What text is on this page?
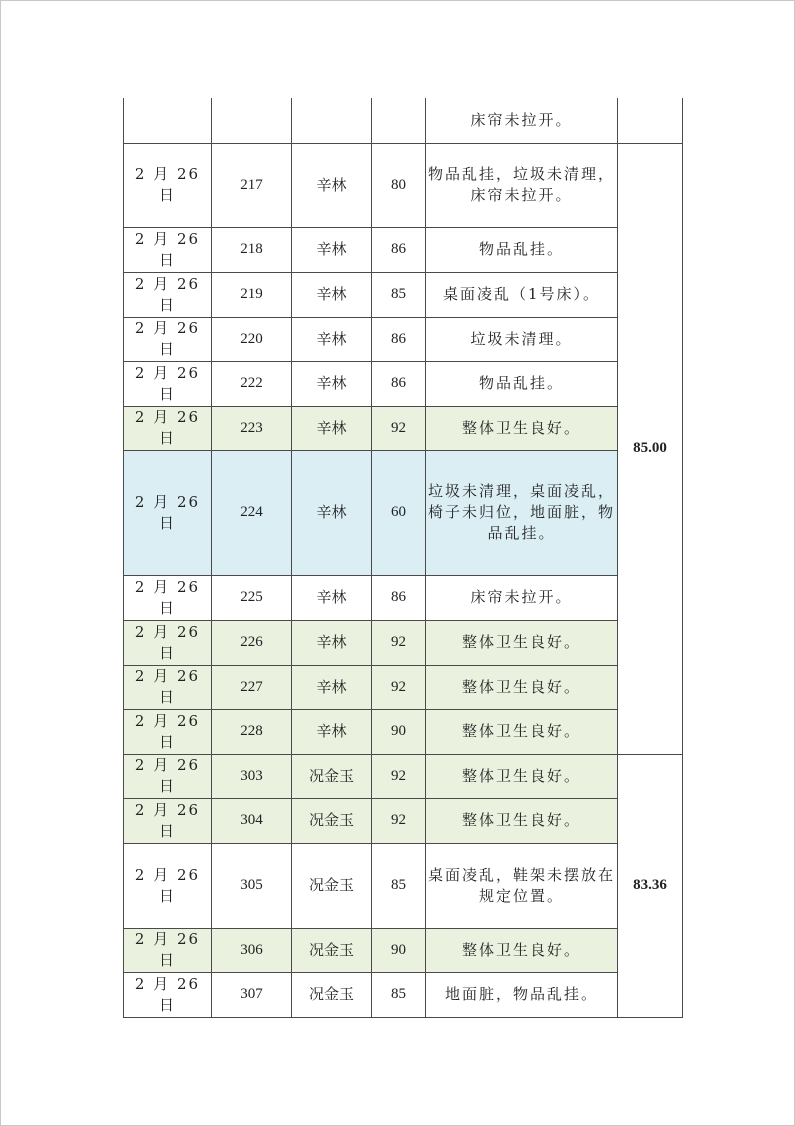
				床帘未拉开。	
2 月 26 日	217	辛林	80	物品乱挂，垃圾未清理，床帘未拉开。	85.00
2 月 26 日	218	辛林	86	物品乱挂。	
2 月 26 日	219	辛林	85	桌面凌乱（1号床）。	
2 月 26 日	220	辛林	86	垃圾未清理。	
2 月 26 日	222	辛林	86	物品乱挂。	
2 月 26 日	223	辛林	92	整体卫生良好。	
2 月 26 日	224	辛林	60	垃圾未清理，桌面凌乱，椅子未归位，地面脏，物品乱挂。	
2 月 26 日	225	辛林	86	床帘未拉开。	
2 月 26 日	226	辛林	92	整体卫生良好。	
2 月 26 日	227	辛林	92	整体卫生良好。	
2 月 26 日	228	辛林	90	整体卫生良好。	
2 月 26 日	303	况金玉	92	整体卫生良好。	83.36
2 月 26 日	304	况金玉	92	整体卫生良好。	
2 月 26 日	305	况金玉	85	桌面凌乱，鞋架未摆放在规定位置。	
2 月 26 日	306	况金玉	90	整体卫生良好。	
2 月 26 日	307	况金玉	85	地面脏，物品乱挂。	
